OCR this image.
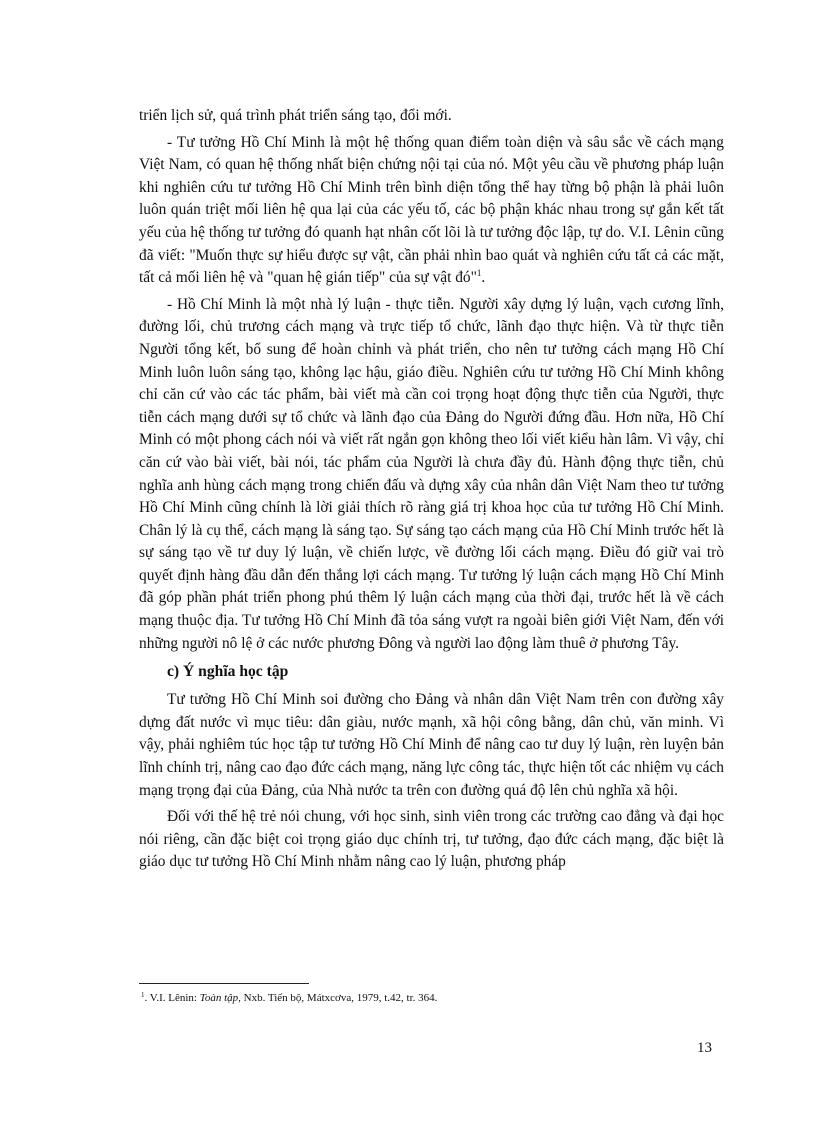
triển lịch sử, quá trình phát triển sáng tạo, đổi mới.

- Tư tưởng Hồ Chí Minh là một hệ thống quan điểm toàn diện và sâu sắc về cách mạng Việt Nam, có quan hệ thống nhất biện chứng nội tại của nó. Một yêu cầu về phương pháp luận khi nghiên cứu tư tưởng Hồ Chí Minh trên bình diện tổng thể hay từng bộ phận là phải luôn luôn quán triệt mối liên hệ qua lại của các yếu tố, các bộ phận khác nhau trong sự gắn kết tất yếu của hệ thống tư tưởng đó quanh hạt nhân cốt lõi là tư tưởng độc lập, tự do. V.I. Lênin cũng đã viết: "Muốn thực sự hiểu được sự vật, cần phải nhìn bao quát và nghiên cứu tất cả các mặt, tất cả mối liên hệ và "quan hệ gián tiếp" của sự vật đó"$^1$.

- Hồ Chí Minh là một nhà lý luận - thực tiễn. Người xây dựng lý luận, vạch cương lĩnh, đường lối, chủ trương cách mạng và trực tiếp tổ chức, lãnh đạo thực hiện. Và từ thực tiễn Người tổng kết, bổ sung để hoàn chỉnh và phát triển, cho nên tư tưởng cách mạng Hồ Chí Minh luôn luôn sáng tạo, không lạc hậu, giáo điều. Nghiên cứu tư tưởng Hồ Chí Minh không chỉ căn cứ vào các tác phẩm, bài viết mà cần coi trọng hoạt động thực tiễn của Người, thực tiễn cách mạng dưới sự tổ chức và lãnh đạo của Đảng do Người đứng đầu. Hơn nữa, Hồ Chí Minh có một phong cách nói và viết rất ngắn gọn không theo lối viết kiểu hàn lâm. Vì vậy, chỉ căn cứ vào bài viết, bài nói, tác phẩm của Người là chưa đầy đủ. Hành động thực tiễn, chủ nghĩa anh hùng cách mạng trong chiến đấu và dựng xây của nhân dân Việt Nam theo tư tưởng Hồ Chí Minh cũng chính là lời giải thích rõ ràng giá trị khoa học của tư tưởng Hồ Chí Minh. Chân lý là cụ thể, cách mạng là sáng tạo. Sự sáng tạo cách mạng của Hồ Chí Minh trước hết là sự sáng tạo về tư duy lý luận, về chiến lược, về đường lối cách mạng. Điều đó giữ vai trò quyết định hàng đầu dẫn đến thắng lợi cách mạng. Tư tưởng lý luận cách mạng Hồ Chí Minh đã góp phần phát triển phong phú thêm lý luận cách mạng của thời đại, trước hết là về cách mạng thuộc địa. Tư tưởng Hồ Chí Minh đã tỏa sáng vượt ra ngoài biên giới Việt Nam, đến với những người nô lệ ở các nước phương Đông và người lao động làm thuê ở phương Tây.

c) Ý nghĩa học tập

Tư tưởng Hồ Chí Minh soi đường cho Đảng và nhân dân Việt Nam trên con đường xây dựng đất nước vì mục tiêu: dân giàu, nước mạnh, xã hội công bằng, dân chủ, văn minh. Vì vậy, phải nghiêm túc học tập tư tưởng Hồ Chí Minh để nâng cao tư duy lý luận, rèn luyện bản lĩnh chính trị, nâng cao đạo đức cách mạng, năng lực công tác, thực hiện tốt các nhiệm vụ cách mạng trọng đại của Đảng, của Nhà nước ta trên con đường quá độ lên chủ nghĩa xã hội.

Đối với thế hệ trẻ nói chung, với học sinh, sinh viên trong các trường cao đẳng và đại học nói riêng, cần đặc biệt coi trọng giáo dục chính trị, tư tưởng, đạo đức cách mạng, đặc biệt là giáo dục tư tưởng Hồ Chí Minh nhằm nâng cao lý luận, phương pháp

$^1$. V.I. Lênin: Toàn tập, Nxb. Tiến bộ, Mátxcơva, 1979, t.42, tr. 364.
13
